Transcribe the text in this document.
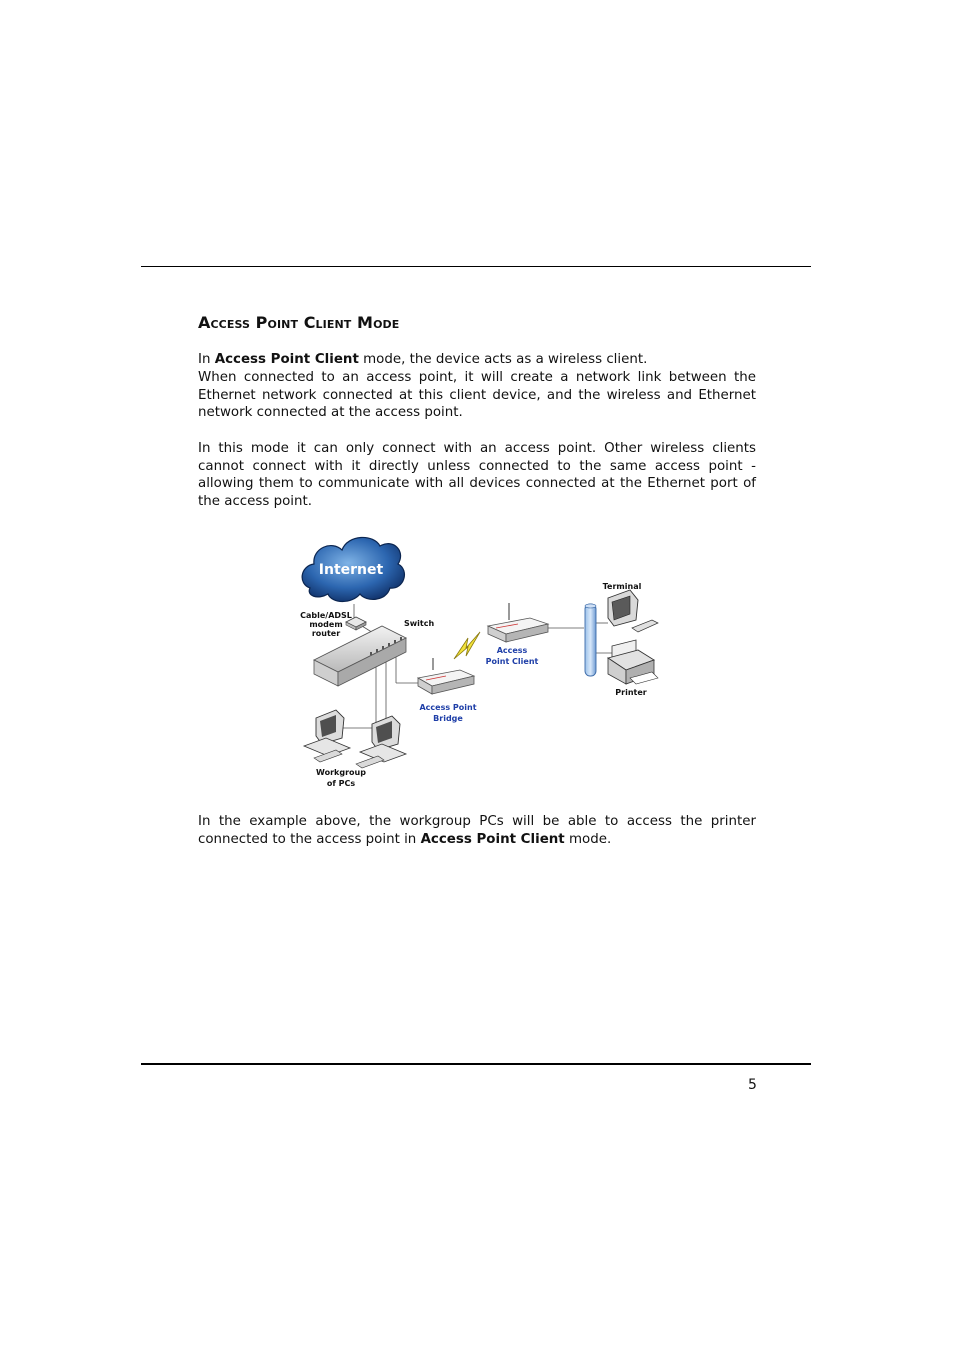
Access Point Client Mode

In Access Point Client mode, the device acts as a wireless client.

When connected to an access point, it will create a network link between the Ethernet network connected at this client device, and the wireless and Ethernet network connected at the access point.

In this mode it can only connect with an access point. Other wireless clients cannot connect with it directly unless connected to the same access point - allowing them to communicate with all devices connected at the Ethernet port of the access point.

Internet
Cable/ADSL
modem
router
Switch
Access Point
Bridge
Access
Point Client
Terminal
Printer
Workgroup
of PCs

In the example above, the workgroup PCs will be able to access the printer connected to the access point in Access Point Client mode.

5
